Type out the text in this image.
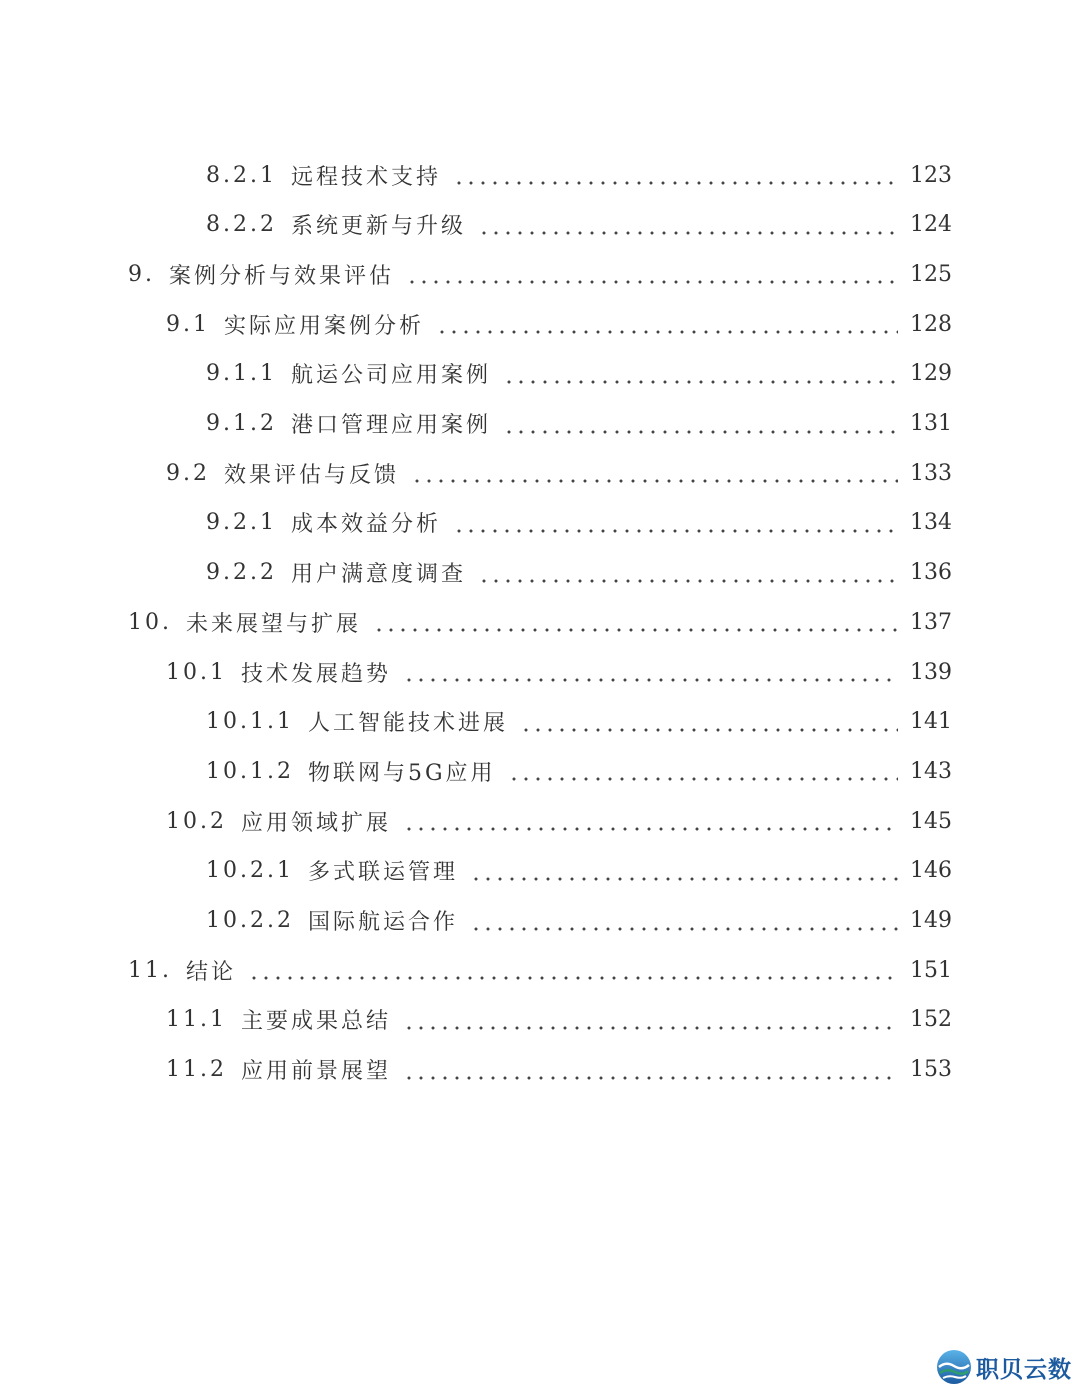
8.2.1 远程技术支持	123
8.2.2 系统更新与升级	124
9. 案例分析与效果评估	125
9.1 实际应用案例分析	128
9.1.1 航运公司应用案例	129
9.1.2 港口管理应用案例	131
9.2 效果评估与反馈	133
9.2.1 成本效益分析	134
9.2.2 用户满意度调查	136
10. 未来展望与扩展	137
10.1 技术发展趋势	139
10.1.1 人工智能技术进展	141
10.1.2 物联网与5G应用	143
10.2 应用领域扩展	145
10.2.1 多式联运管理	146
10.2.2 国际航运合作	149
11. 结论	151
11.1 主要成果总结	152
11.2 应用前景展望	153
职贝云数
